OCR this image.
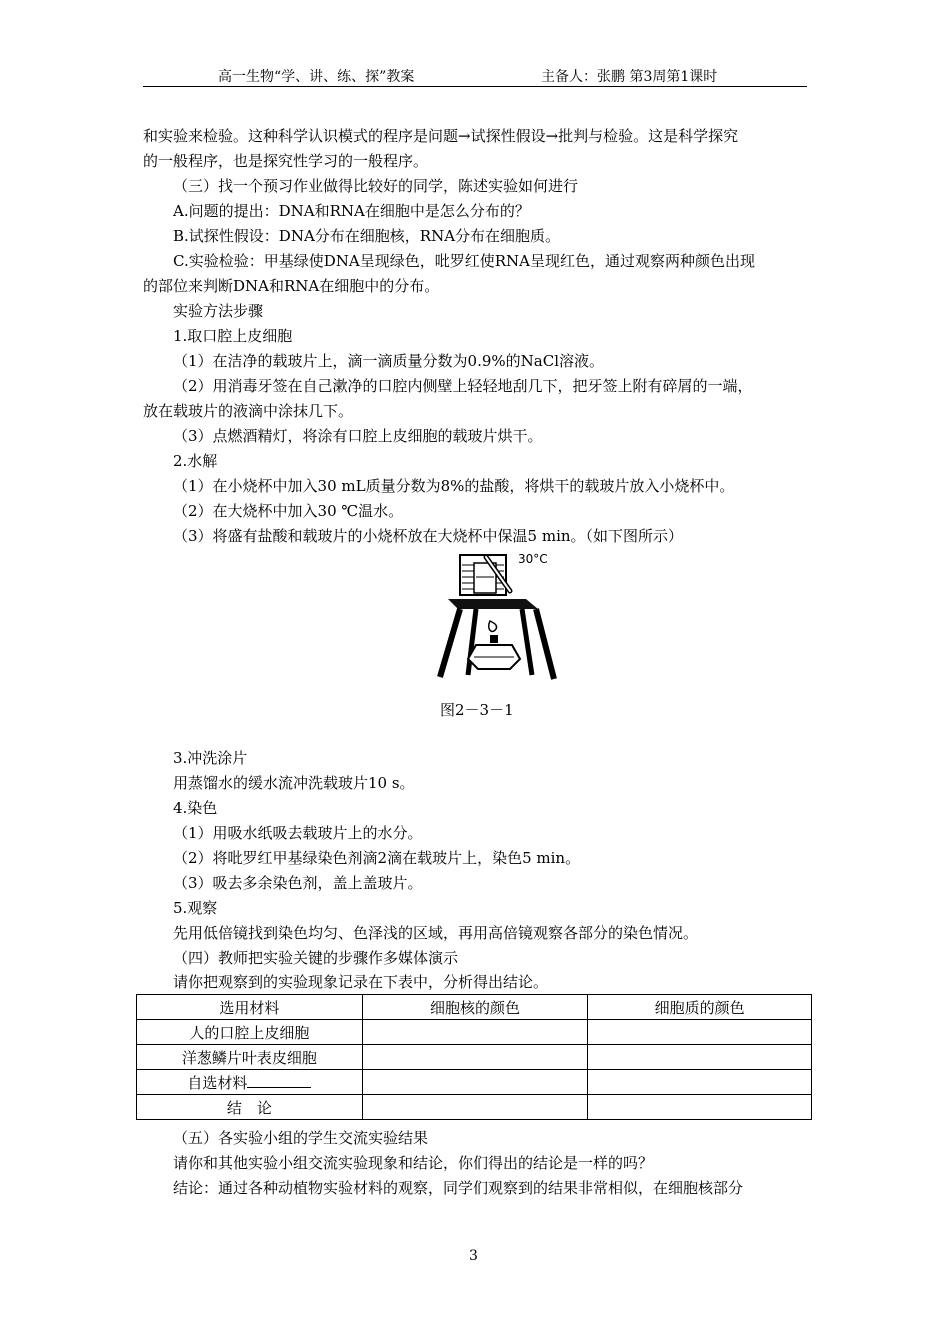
高一生物“学、讲、练、探”教案	主备人：张鹏 第3周第1课时
和实验来检验。这种科学认识模式的程序是问题→试探性假设→批判与检验。这是科学探究
的一般程序，也是探究性学习的一般程序。
（三）找一个预习作业做得比较好的同学，陈述实验如何进行
A.问题的提出：DNA和RNA在细胞中是怎么分布的？
B.试探性假设：DNA分布在细胞核，RNA分布在细胞质。
C.实验检验：甲基绿使DNA呈现绿色，吡罗红使RNA呈现红色，通过观察两种颜色出现
的部位来判断DNA和RNA在细胞中的分布。
实验方法步骤
1.取口腔上皮细胞
（1）在洁净的载玻片上，滴一滴质量分数为0.9%的NaCl溶液。
（2）用消毒牙签在自己漱净的口腔内侧壁上轻轻地刮几下，把牙签上附有碎屑的一端，
放在载玻片的液滴中涂抹几下。
（3）点燃酒精灯，将涂有口腔上皮细胞的载玻片烘干。
2.水解
（1）在小烧杯中加入30 mL质量分数为8%的盐酸，将烘干的载玻片放入小烧杯中。
（2）在大烧杯中加入30 ℃温水。
（3）将盛有盐酸和载玻片的小烧杯放在大烧杯中保温5 min。（如下图所示）
30°C
图2－3－1
3.冲洗涂片
用蒸馏水的缓水流冲洗载玻片10 s。
4.染色
（1）用吸水纸吸去载玻片上的水分。
（2）将吡罗红甲基绿染色剂滴2滴在载玻片上，染色5 min。
（3）吸去多余染色剂，盖上盖玻片。
5.观察
先用低倍镜找到染色均匀、色泽浅的区域，再用高倍镜观察各部分的染色情况。
（四）教师把实验关键的步骤作多媒体演示
请你把观察到的实验现象记录在下表中，分析得出结论。
选用材料	细胞核的颜色	细胞质的颜色
人的口腔上皮细胞		
洋葱鳞片叶表皮细胞		
自选材料		
结　论		
（五）各实验小组的学生交流实验结果
请你和其他实验小组交流实验现象和结论，你们得出的结论是一样的吗？
结论：通过各种动植物实验材料的观察，同学们观察到的结果非常相似，在细胞核部分
3
